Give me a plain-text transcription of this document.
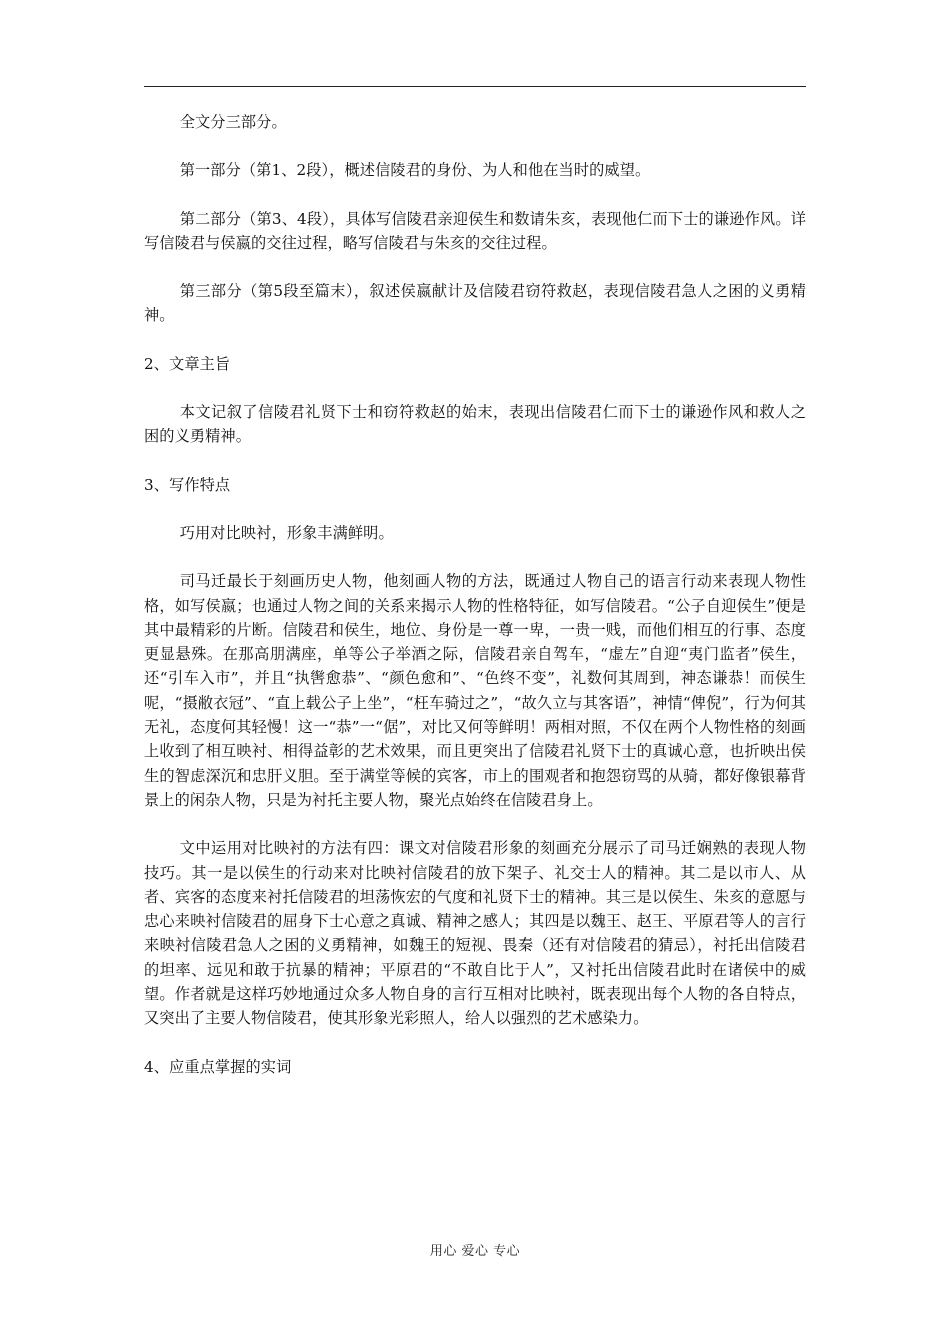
全文分三部分。

第一部分（第1、2段），概述信陵君的身份、为人和他在当时的威望。

第二部分（第3、4段），具体写信陵君亲迎侯生和数请朱亥，表现他仁而下士的谦逊作风。详写信陵君与侯嬴的交往过程，略写信陵君与朱亥的交往过程。

第三部分（第5段至篇末），叙述侯嬴献计及信陵君窃符救赵，表现信陵君急人之困的义勇精神。

2、文章主旨

本文记叙了信陵君礼贤下士和窃符救赵的始末，表现出信陵君仁而下士的谦逊作风和救人之困的义勇精神。

3、写作特点

巧用对比映衬，形象丰满鲜明。

司马迁最长于刻画历史人物，他刻画人物的方法，既通过人物自己的语言行动来表现人物性格，如写侯嬴；也通过人物之间的关系来揭示人物的性格特征，如写信陵君。“公子自迎侯生”便是其中最精彩的片断。信陵君和侯生，地位、身份是一尊一卑，一贵一贱，而他们相互的行事、态度更显悬殊。在那高朋满座，单等公子举酒之际，信陵君亲自驾车，“虚左”自迎“夷门监者”侯生，还“引车入市”，并且“执辔愈恭”、“颜色愈和”、“色终不变”，礼数何其周到，神态谦恭！而侯生呢，“摄敝衣冠”、“直上载公子上坐”，“枉车骑过之”，“故久立与其客语”，神情“俾倪”，行为何其无礼，态度何其轻慢！这一“恭”一“倨”，对比又何等鲜明！两相对照，不仅在两个人物性格的刻画上收到了相互映衬、相得益彰的艺术效果，而且更突出了信陵君礼贤下士的真诚心意，也折映出侯生的智虑深沉和忠肝义胆。至于满堂等候的宾客，市上的围观者和抱怨窃骂的从骑，都好像银幕背景上的闲杂人物，只是为衬托主要人物，聚光点始终在信陵君身上。

文中运用对比映衬的方法有四：课文对信陵君形象的刻画充分展示了司马迁娴熟的表现人物技巧。其一是以侯生的行动来对比映衬信陵君的放下架子、礼交士人的精神。其二是以市人、从者、宾客的态度来衬托信陵君的坦荡恢宏的气度和礼贤下士的精神。其三是以侯生、朱亥的意愿与忠心来映衬信陵君的屈身下士心意之真诚、精神之感人；其四是以魏王、赵王、平原君等人的言行来映衬信陵君急人之困的义勇精神，如魏王的短视、畏秦（还有对信陵君的猜忌），衬托出信陵君的坦率、远见和敢于抗暴的精神；平原君的“不敢自比于人”，又衬托出信陵君此时在诸侯中的威望。作者就是这样巧妙地通过众多人物自身的言行互相对比映衬，既表现出每个人物的各自特点，又突出了主要人物信陵君，使其形象光彩照人，给人以强烈的艺术感染力。

4、应重点掌握的实词

用心 爱心 专心
